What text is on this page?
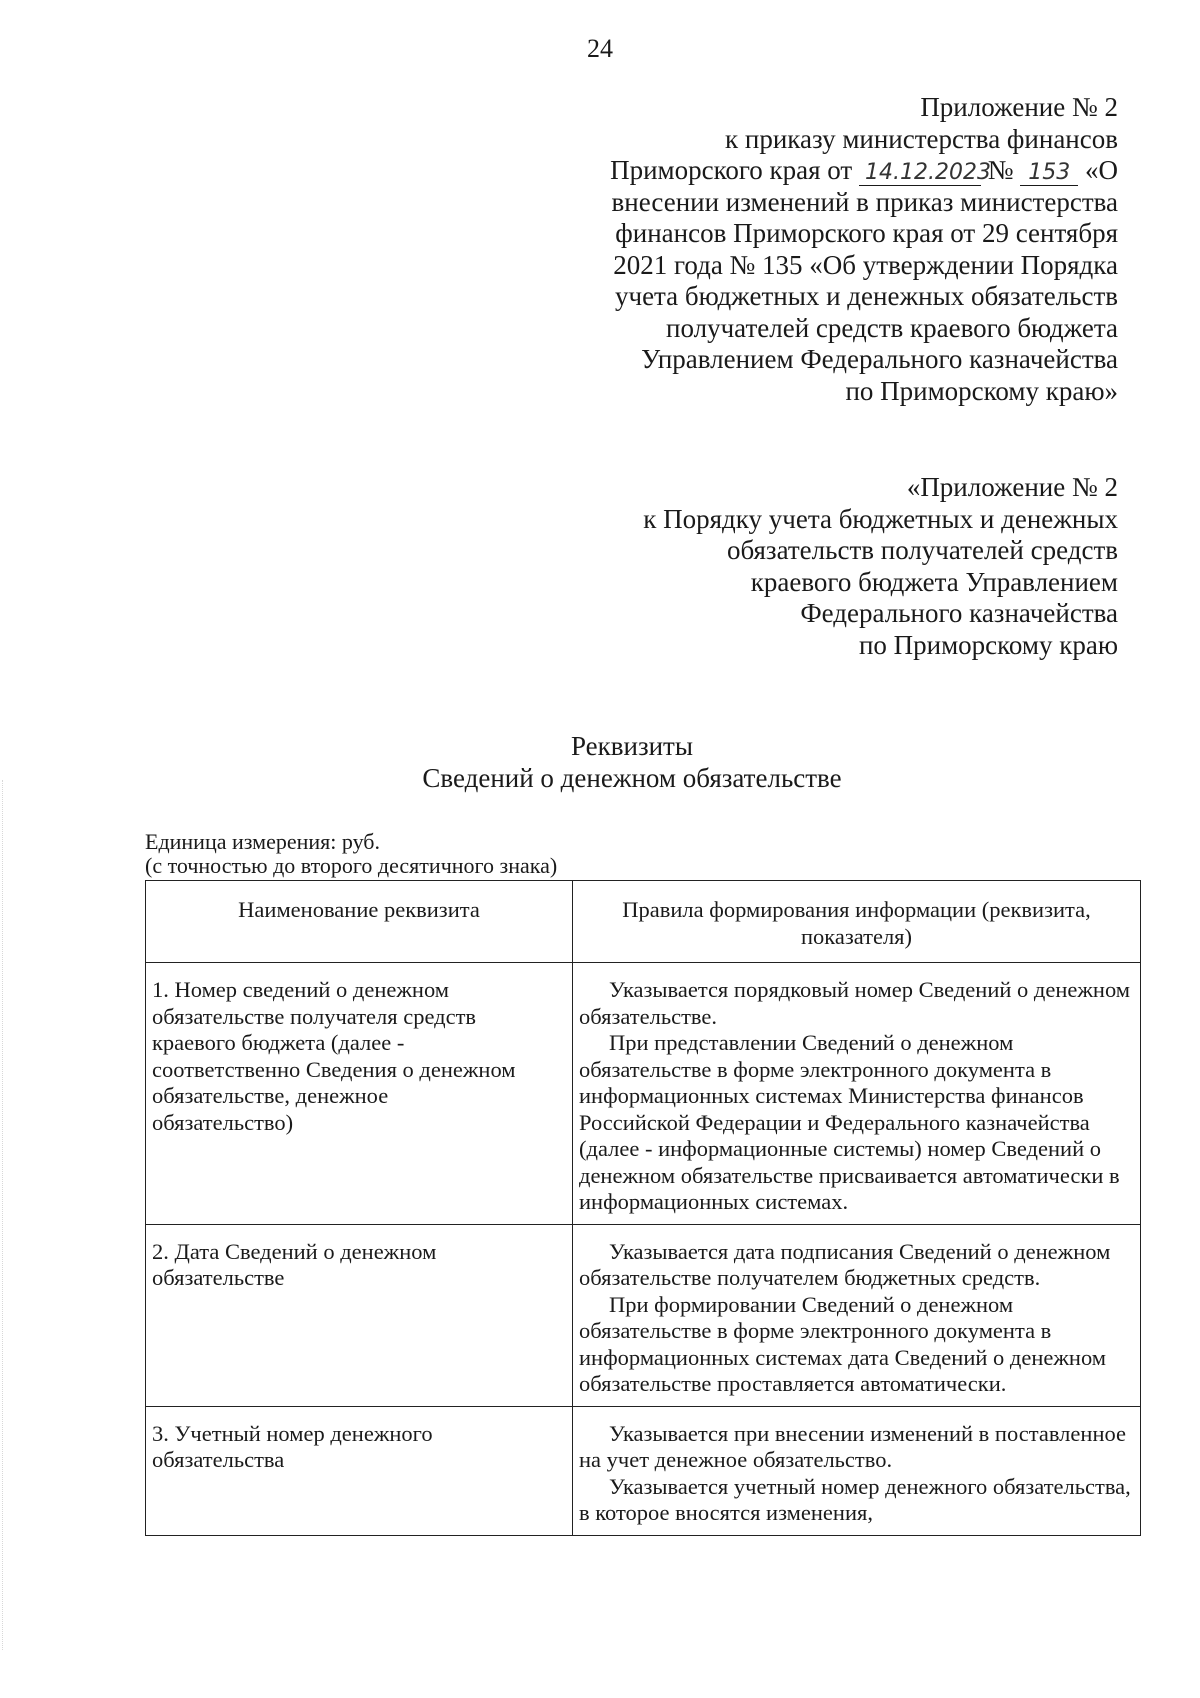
24
Приложение № 2
к приказу министерства финансов
Приморского края от 14.12.2023 № 153 «О
внесении изменений в приказ министерства
финансов Приморского края от 29 сентября
2021 года № 135 «Об утверждении Порядка
учета бюджетных и денежных обязательств
получателей средств краевого бюджета
Управлением Федерального казначейства
по Приморскому краю»
«Приложение № 2
к Порядку учета бюджетных и денежных
обязательств получателей средств
краевого бюджета Управлением
Федерального казначейства
по Приморскому краю
Реквизиты
Сведений о денежном обязательстве
Единица измерения: руб.
(с точностью до второго десятичного знака)
Наименование реквизита	Правила формирования информации (реквизита, показателя)
1. Номер сведений о денежном обязательстве получателя средств краевого бюджета (далее - соответственно Сведения о денежном обязательстве, денежное обязательство)	Указывается порядковый номер Сведений о денежном обязательстве.

При представлении Сведений о денежном обязательстве в форме электронного документа в информационных системах Министерства финансов Российской Федерации и Федерального казначейства (далее - информационные системы) номер Сведений о денежном обязательстве присваивается автоматически в информационных системах.

2. Дата Сведений о денежном обязательстве	Указывается дата подписания Сведений о денежном обязательстве получателем бюджетных средств.

При формировании Сведений о денежном обязательстве в форме электронного документа в информационных системах дата Сведений о денежном обязательстве проставляется автоматически.

3. Учетный номер денежного обязательства	Указывается при внесении изменений в поставленное на учет денежное обязательство.

Указывается учетный номер денежного обязательства, в которое вносятся изменения,
